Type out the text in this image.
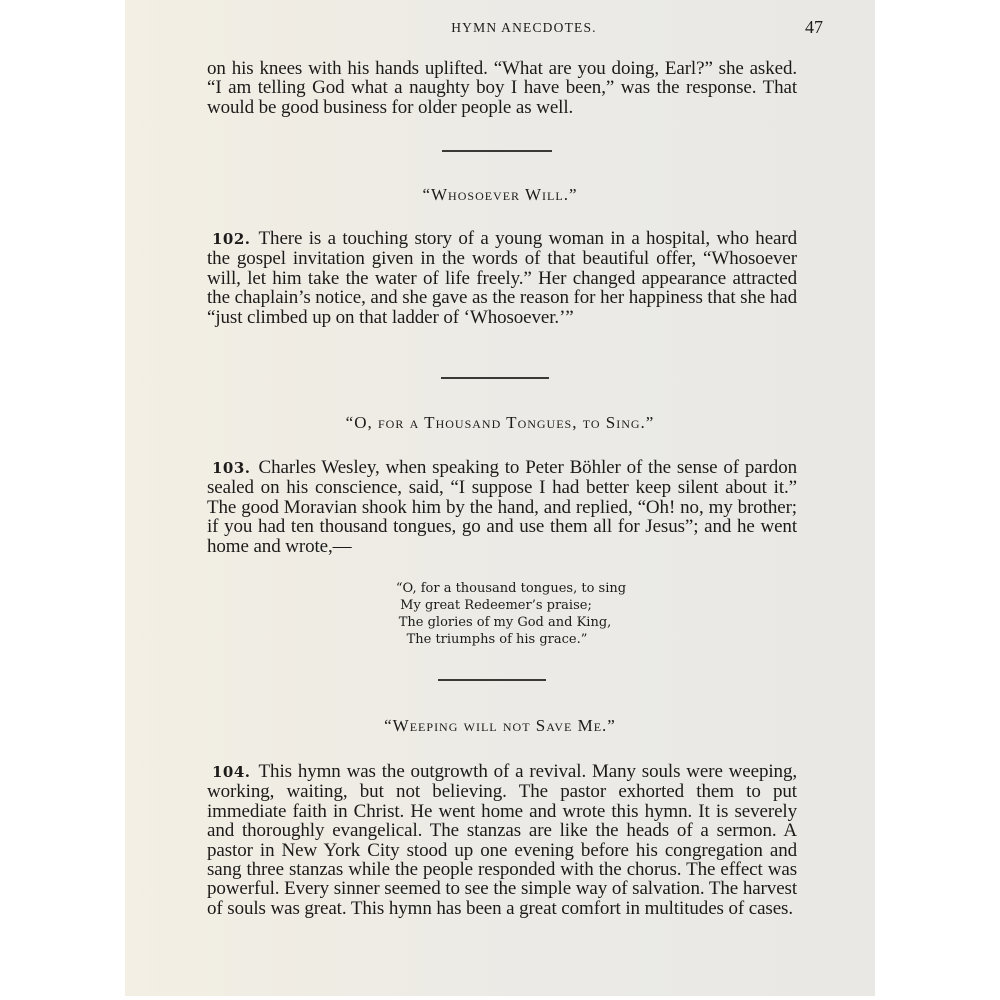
HYMN ANECDOTES.	47

on his knees with his hands uplifted. “What are you doing, Earl?” she asked. “I am telling God what a naughty boy I have been,” was the response. That would be good business for older people as well.

“Whosoever Will.”

102. There is a touching story of a young woman in a hospital, who heard the gospel invitation given in the words of that beautiful offer, “Whosoever will, let him take the water of life freely.” Her changed appearance attracted the chaplain’s notice, and she gave as the reason for her happiness that she had “just climbed up on that ladder of ‘Whosoever.’”

“O, for a Thousand Tongues, to Sing.”

103. Charles Wesley, when speaking to Peter Böhler of the sense of pardon sealed on his conscience, said, “I suppose I had better keep silent about it.” The good Moravian shook him by the hand, and replied, “Oh! no, my brother; if you had ten thousand tongues, go and use them all for Jesus”; and he went home and wrote,—

“O, for a thousand tongues, to sing
My great Redeemer’s praise;
The glories of my God and King,
The triumphs of his grace.”
“Weeping will not Save Me.”

104. This hymn was the outgrowth of a revival. Many souls were weeping, working, waiting, but not believing. The pastor exhorted them to put immediate faith in Christ. He went home and wrote this hymn. It is severely and thoroughly evangelical. The stanzas are like the heads of a sermon. A pastor in New York City stood up one evening before his congregation and sang three stanzas while the people responded with the chorus. The effect was powerful. Every sinner seemed to see the simple way of salvation. The harvest of souls was great. This hymn has been a great comfort in multitudes of cases.
